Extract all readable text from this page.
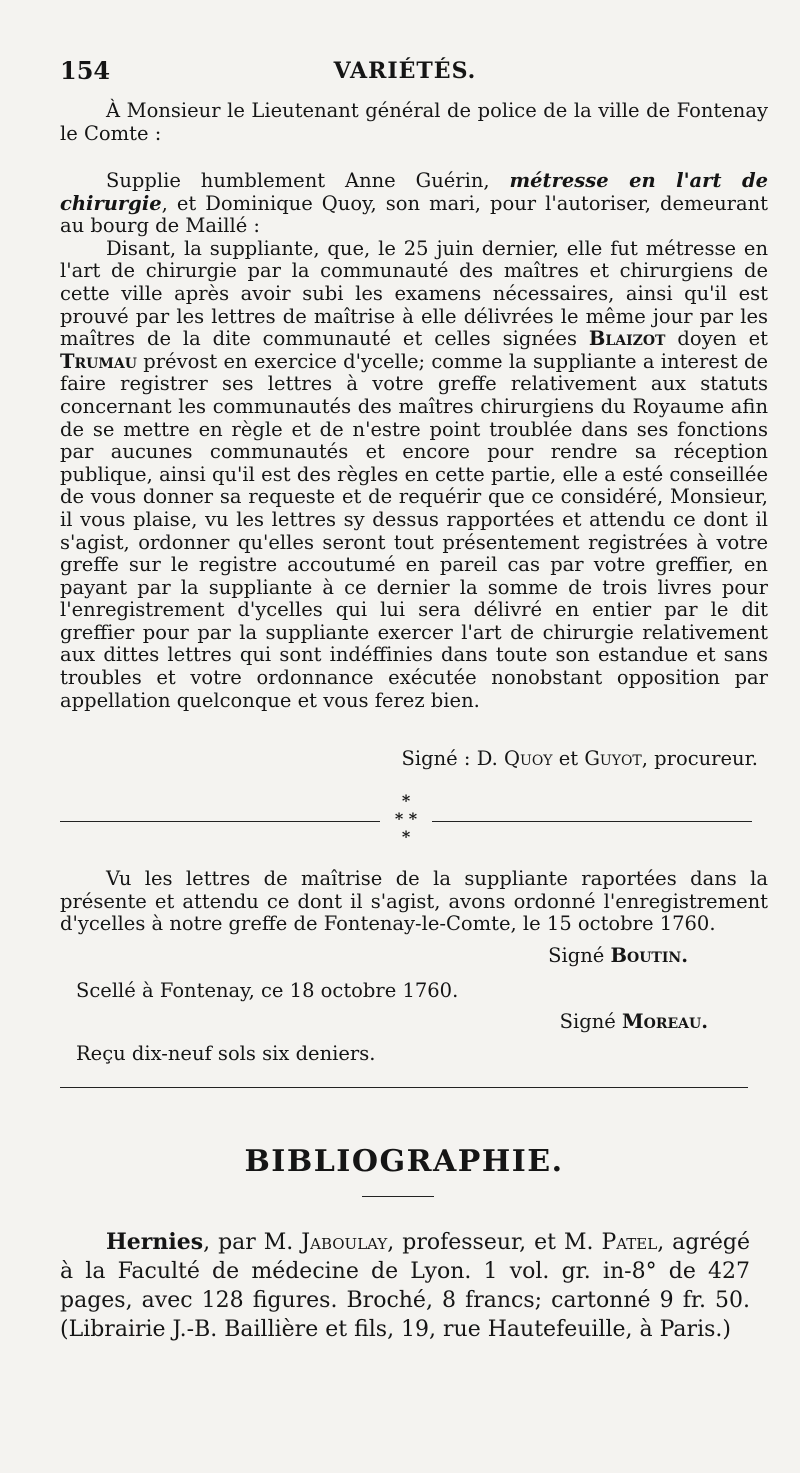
154	VARIÉTÉS.

À Monsieur le Lieutenant général de police de la ville de Fontenay le Comte :

Supplie humblement Anne Guérin, métresse en l'art de chirurgie, et Dominique Quoy, son mari, pour l'autoriser, demeurant au bourg de Maillé :

Disant, la suppliante, que, le 25 juin dernier, elle fut métresse en l'art de chirurgie par la communauté des maîtres et chirurgiens de cette ville après avoir subi les examens nécessaires, ainsi qu'il est prouvé par les lettres de maîtrise à elle délivrées le même jour par les maîtres de la dite communauté et celles signées Blaizot doyen et Trumau prévost en exercice d'ycelle; comme la suppliante a interest de faire registrer ses lettres à votre greffe relativement aux statuts concernant les communautés des maîtres chirurgiens du Royaume afin de se mettre en règle et de n'estre point troublée dans ses fonctions par aucunes communautés et encore pour rendre sa réception publique, ainsi qu'il est des règles en cette partie, elle a esté conseillée de vous donner sa requeste et de requérir que ce considéré, Monsieur, il vous plaise, vu les lettres sy dessus rapportées et attendu ce dont il s'agist, ordonner qu'elles seront tout présentement registrées à votre greffe sur le registre accoutumé en pareil cas par votre greffier, en payant par la suppliante à ce dernier la somme de trois livres pour l'enregistrement d'ycelles qui lui sera délivré en entier par le dit greffier pour par la suppliante exercer l'art de chirurgie relativement aux dittes lettres qui sont indéffinies dans toute son estandue et sans troubles et votre ordonnance exécutée nonobstant opposition par appellation quelconque et vous ferez bien.

Signé : D. Quoy et Guyot, procureur.

*
* *
*

Vu les lettres de maîtrise de la suppliante raportées dans la présente et attendu ce dont il s'agist, avons ordonné l'enregistrement d'ycelles à notre greffe de Fontenay-le-Comte, le 15 octobre 1760.

Signé Boutin.
Scellé à Fontenay, ce 18 octobre 1760.
Signé Moreau.
Reçu dix-neuf sols six deniers.
BIBLIOGRAPHIE.

Hernies, par M. Jaboulay, professeur, et M. Patel, agrégé à la Faculté de médecine de Lyon. 1 vol. gr. in-8° de 427 pages, avec 128 figures. Broché, 8 francs; cartonné 9 fr. 50. (Librairie J.-B. Baillière et fils, 19, rue Hautefeuille, à Paris.)
